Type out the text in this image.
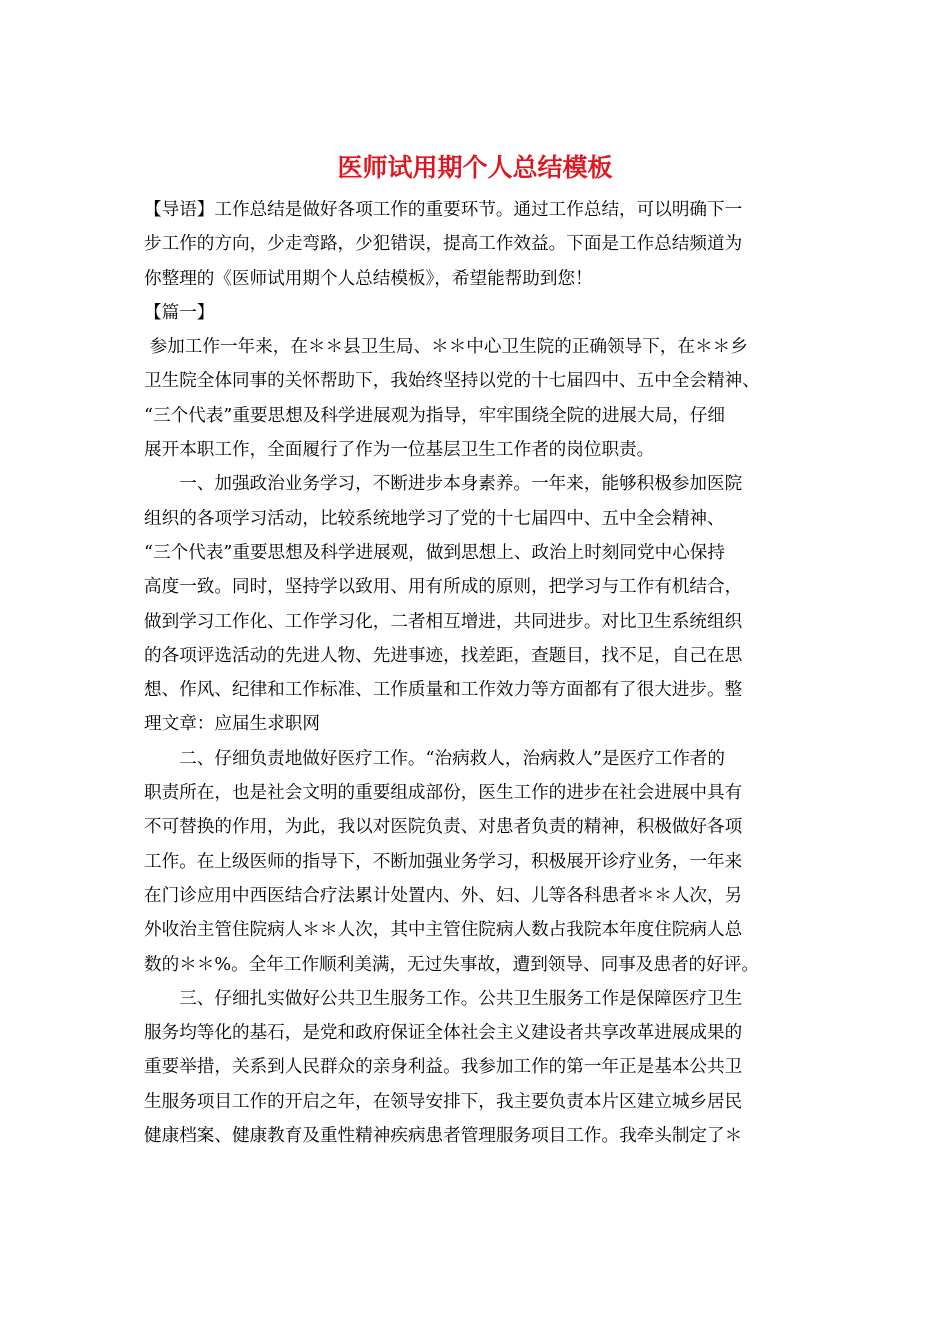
医师试用期个人总结模板
【导语】工作总结是做好各项工作的重要环节。通过工作总结，可以明确下一
步工作的方向，少走弯路，少犯错误，提高工作效益。下面是工作总结频道为
你整理的《医师试用期个人总结模板》，希望能帮助到您！
【篇一】
参加工作一年来，在＊＊县卫生局、＊＊中心卫生院的正确领导下，在＊＊乡
卫生院全体同事的关怀帮助下，我始终坚持以党的十七届四中、五中全会精神、
“三个代表”重要思想及科学进展观为指导，牢牢围绕全院的进展大局，仔细
展开本职工作，全面履行了作为一位基层卫生工作者的岗位职责。
　　一、加强政治业务学习，不断进步本身素养。一年来，能够积极参加医院
组织的各项学习活动，比较系统地学习了党的十七届四中、五中全会精神、
“三个代表”重要思想及科学进展观，做到思想上、政治上时刻同党中心保持
高度一致。同时，坚持学以致用、用有所成的原则，把学习与工作有机结合，
做到学习工作化、工作学习化，二者相互增进，共同进步。对比卫生系统组织
的各项评选活动的先进人物、先进事迹，找差距，查题目，找不足，自己在思
想、作风、纪律和工作标准、工作质量和工作效力等方面都有了很大进步。整
理文章：应届生求职网
　　二、仔细负责地做好医疗工作。“治病救人，治病救人”是医疗工作者的
职责所在，也是社会文明的重要组成部份，医生工作的进步在社会进展中具有
不可替换的作用，为此，我以对医院负责、对患者负责的精神，积极做好各项
工作。在上级医师的指导下，不断加强业务学习，积极展开诊疗业务，一年来
在门诊应用中西医结合疗法累计处置内、外、妇、儿等各科患者＊＊人次，另
外收治主管住院病人＊＊人次，其中主管住院病人数占我院本年度住院病人总
数的＊＊%。全年工作顺利美满，无过失事故，遭到领导、同事及患者的好评。
　　三、仔细扎实做好公共卫生服务工作。公共卫生服务工作是保障医疗卫生
服务均等化的基石，是党和政府保证全体社会主义建设者共享改革进展成果的
重要举措，关系到人民群众的亲身利益。我参加工作的第一年正是基本公共卫
生服务项目工作的开启之年，在领导安排下，我主要负责本片区建立城乡居民
健康档案、健康教育及重性精神疾病患者管理服务项目工作。我牵头制定了＊
